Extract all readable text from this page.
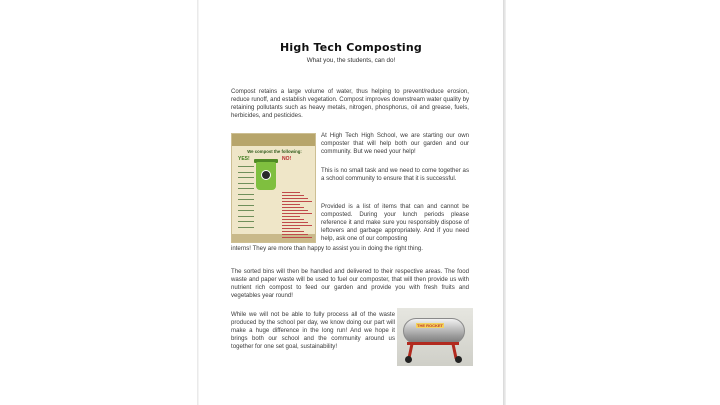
High Tech Composting
What you, the students, can do!

Compost retains a large volume of water, thus helping to prevent/reduce erosion, reduce runoff, and establish vegetation. Compost improves downstream water quality by retaining pollutants such as heavy metals, nitrogen, phosphorus, oil and grease, fuels, herbicides, and pesticides.

We compost the following:
YES!	NO!

At High Tech High School, we are starting our own composter that will help both our garden and our community. But we need your help!

This is no small task and we need to come together as a school community to ensure that it is successful.

Provided is a list of items that can and cannot be composted. During your lunch periods please reference it and make sure you responsibly dispose of leftovers and garbage appropriately. And if you need help, ask one of our composting

interns! They are more than happy to assist you in doing the right thing.

The sorted bins will then be handled and delivered to their respective areas. The food waste and paper waste will be used to fuel our composter, that will then provide us with nutrient rich compost to feed our garden and provide you with fresh fruits and vegetables year round!

While we will not be able to fully process all of the waste produced by the school per day, we know doing our part will make a huge difference in the long run! And we hope it brings both our school and the community around us together for one set goal, sustainability!

THE ROCKET
